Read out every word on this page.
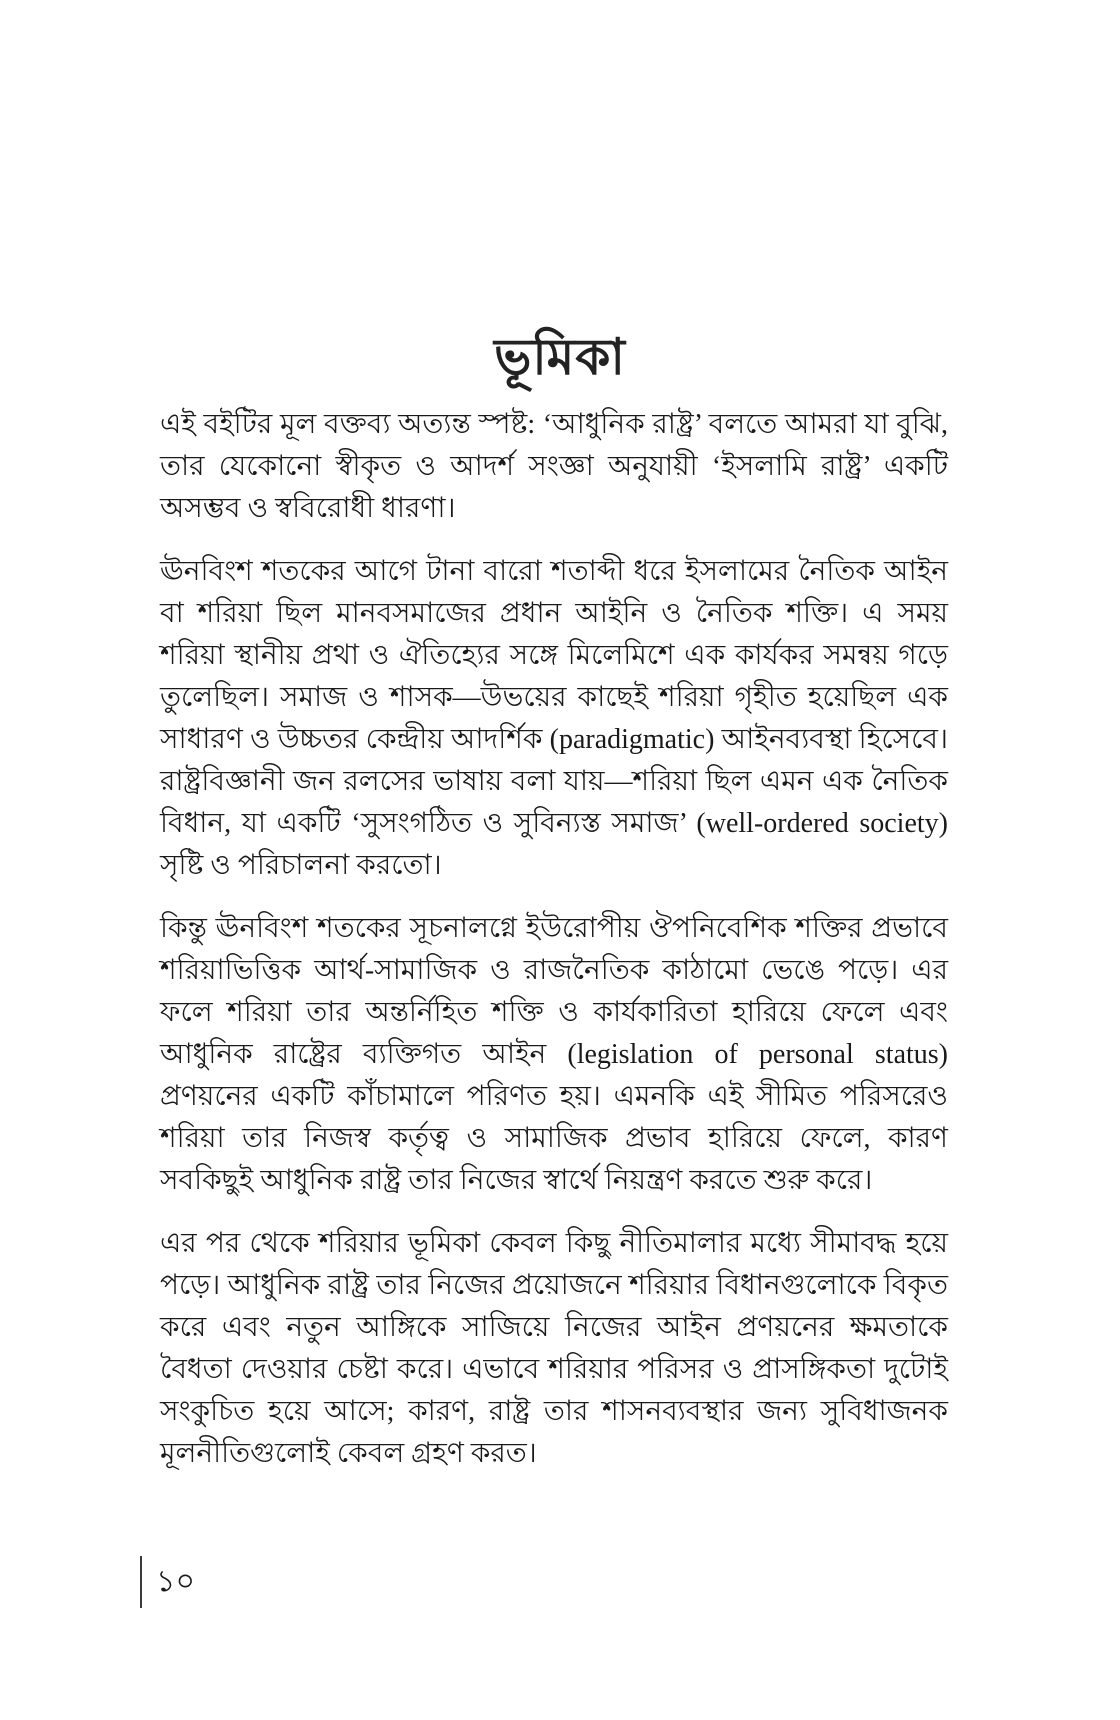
ভূমিকা

এই বইটির মূল বক্তব্য অত্যন্ত স্পষ্ট: ‘আধুনিক রাষ্ট্র’ বলতে আমরা যা বুঝি, তার যেকোনো স্বীকৃত ও আদর্শ সংজ্ঞা অনুযায়ী ‘ইসলামি রাষ্ট্র’ একটি অসম্ভব ও স্ববিরোধী ধারণা।

ঊনবিংশ শতকের আগে টানা বারো শতাব্দী ধরে ইসলামের নৈতিক আইন বা শরিয়া ছিল মানবসমাজের প্রধান আইনি ও নৈতিক শক্তি। এ সময় শরিয়া স্থানীয় প্রথা ও ঐতিহ্যের সঙ্গে মিলেমিশে এক কার্যকর সমন্বয় গড়ে তুলেছিল। সমাজ ও শাসক—উভয়ের কাছেই শরিয়া গৃহীত হয়েছিল এক সাধারণ ও উচ্চতর কেন্দ্রীয় আদর্শিক (paradigmatic) আইনব্যবস্থা হিসেবে। রাষ্ট্রবিজ্ঞানী জন রলসের ভাষায় বলা যায়—শরিয়া ছিল এমন এক নৈতিক বিধান, যা একটি ‘সুসংগঠিত ও সুবিন্যস্ত সমাজ’ (well-ordered society) সৃষ্টি ও পরিচালনা করতো।

কিন্তু ঊনবিংশ শতকের সূচনালগ্নে ইউরোপীয় ঔপনিবেশিক শক্তির প্রভাবে শরিয়াভিত্তিক আর্থ-সামাজিক ও রাজনৈতিক কাঠামো ভেঙে পড়ে। এর ফলে শরিয়া তার অন্তর্নিহিত শক্তি ও কার্যকারিতা হারিয়ে ফেলে এবং আধুনিক রাষ্ট্রের ব্যক্তিগত আইন (legislation of personal status) প্রণয়নের একটি কাঁচামালে পরিণত হয়। এমনকি এই সীমিত পরিসরেও শরিয়া তার নিজস্ব কর্তৃত্ব ও সামাজিক প্রভাব হারিয়ে ফেলে, কারণ সবকিছুই আধুনিক রাষ্ট্র তার নিজের স্বার্থে নিয়ন্ত্রণ করতে শুরু করে।

এর পর থেকে শরিয়ার ভূমিকা কেবল কিছু নীতিমালার মধ্যে সীমাবদ্ধ হয়ে পড়ে। আধুনিক রাষ্ট্র তার নিজের প্রয়োজনে শরিয়ার বিধানগুলোকে বিকৃত করে এবং নতুন আঙ্গিকে সাজিয়ে নিজের আইন প্রণয়নের ক্ষমতাকে বৈধতা দেওয়ার চেষ্টা করে। এভাবে শরিয়ার পরিসর ও প্রাসঙ্গিকতা দুটোই সংকুচিত হয়ে আসে; কারণ, রাষ্ট্র তার শাসনব্যবস্থার জন্য সুবিধাজনক মূলনীতিগুলোই কেবল গ্রহণ করত।

১০
